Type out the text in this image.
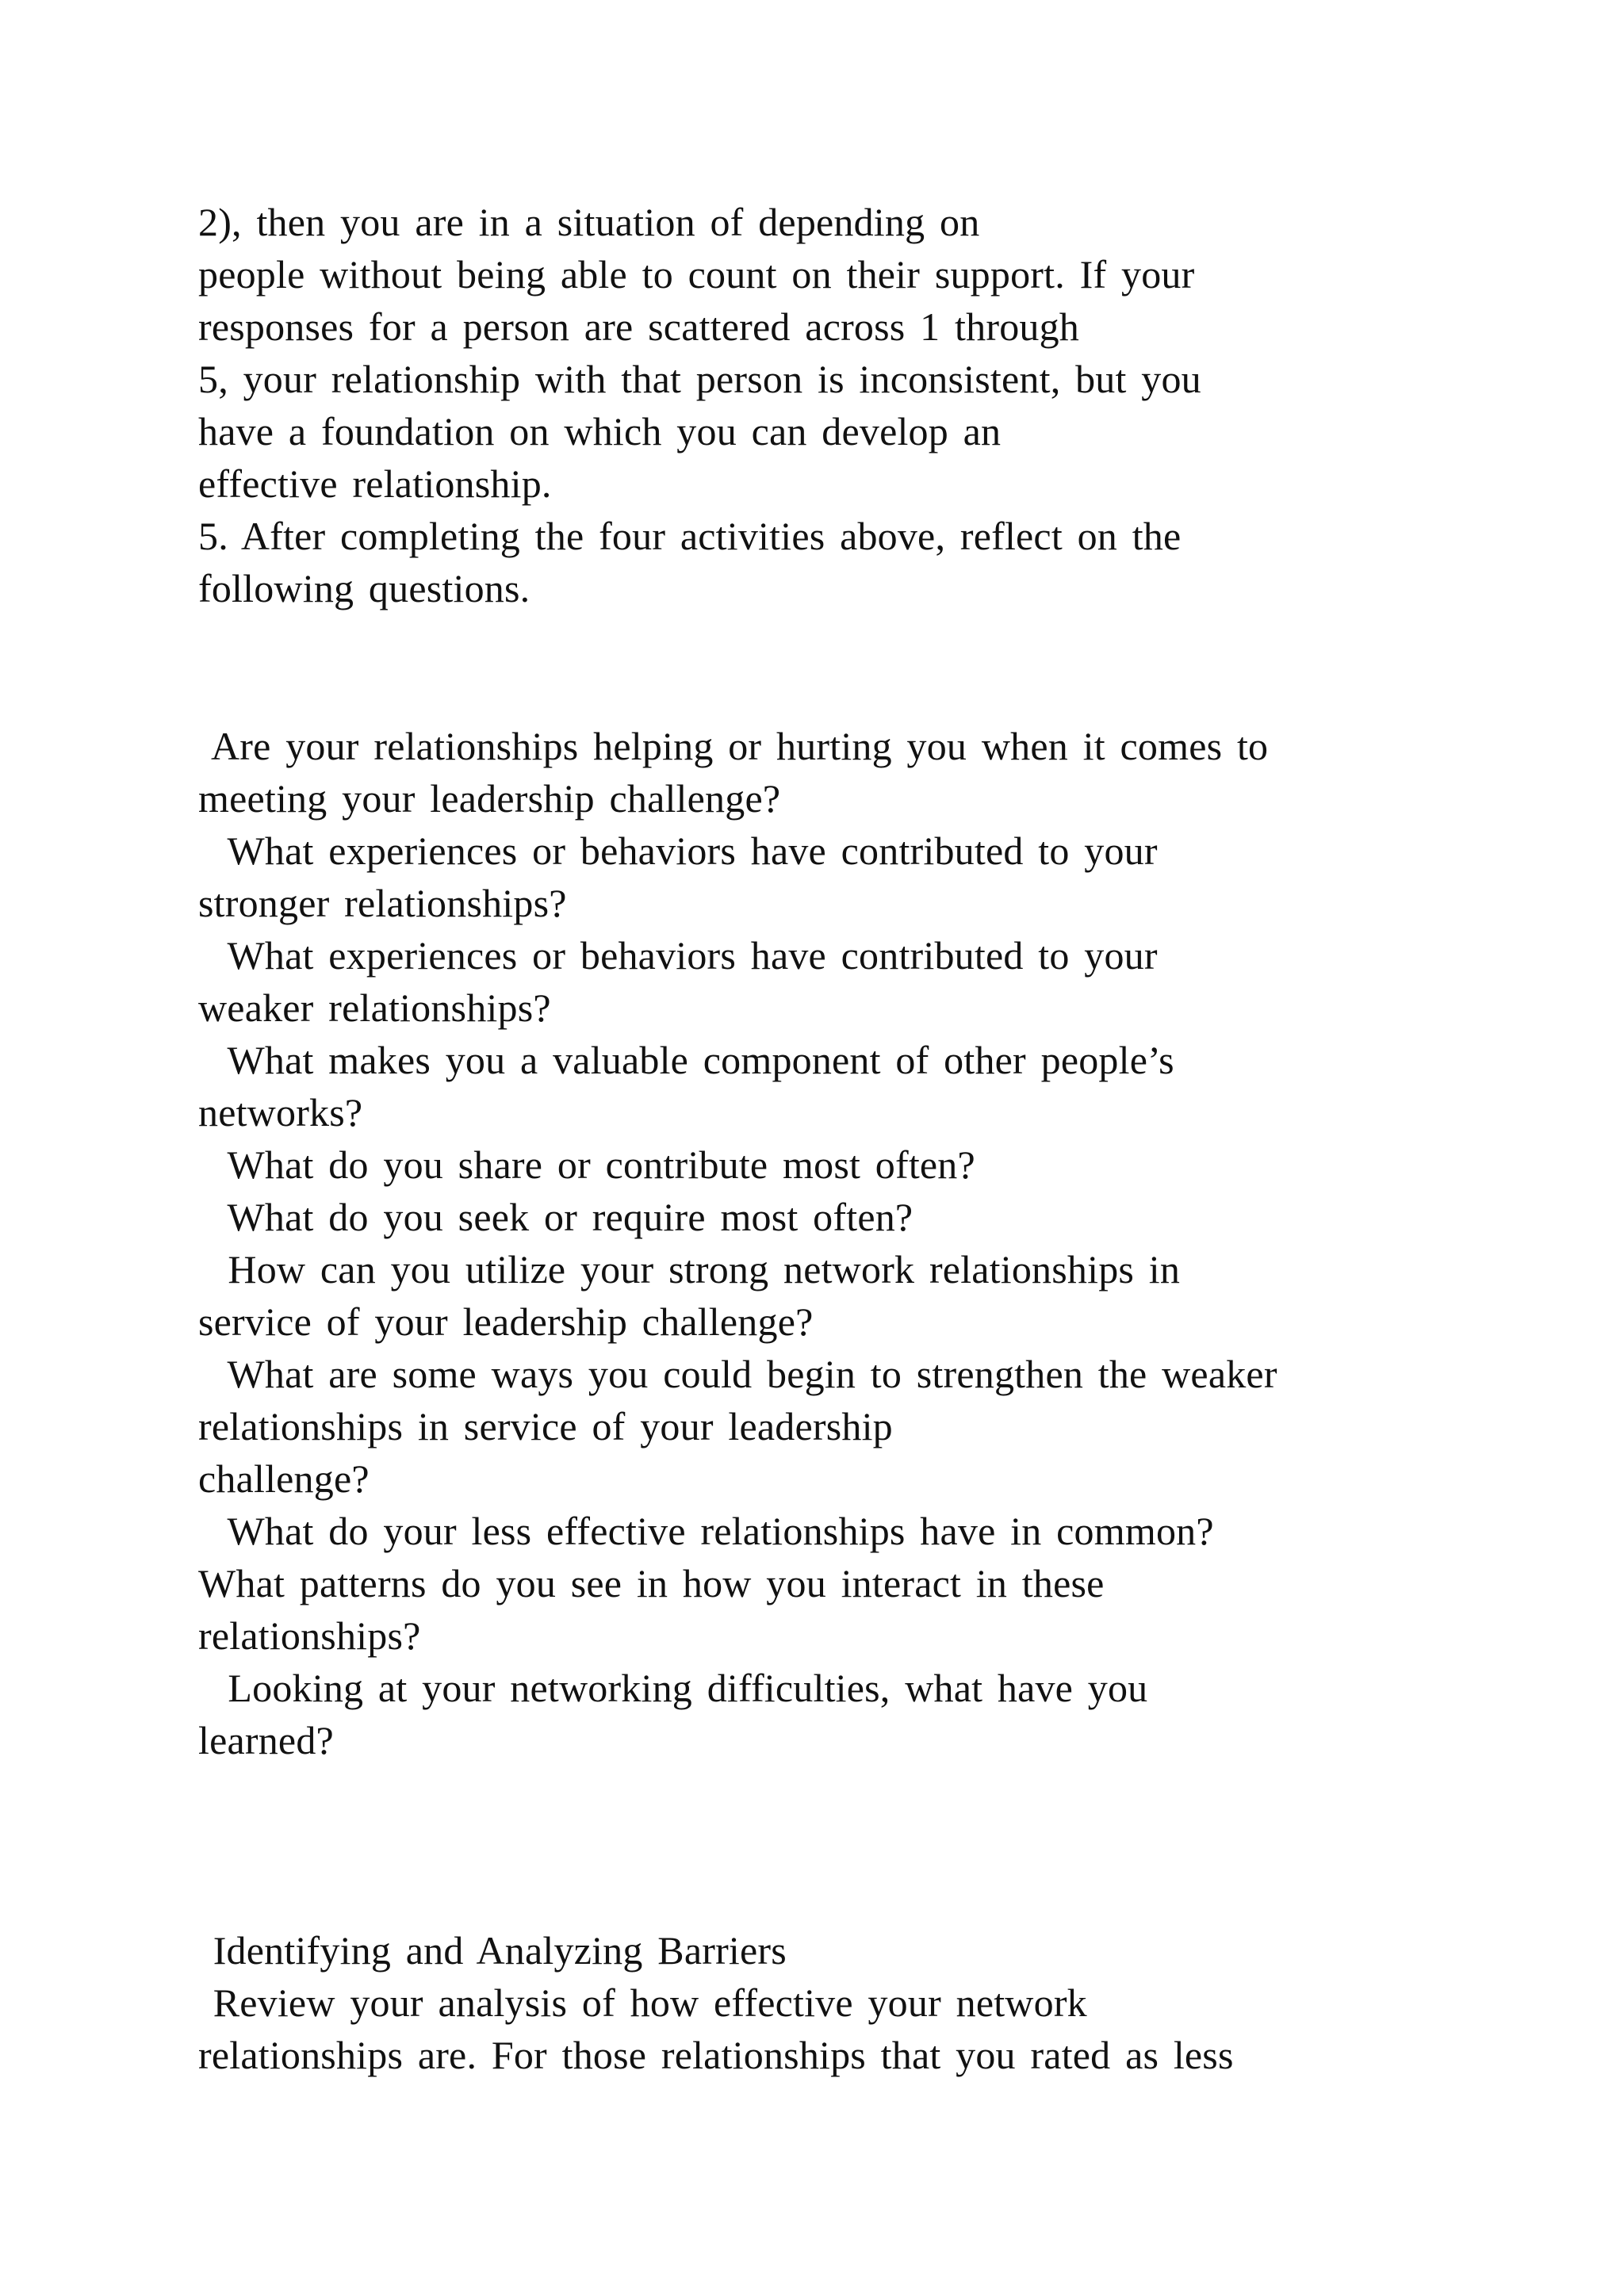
2), then you are in a situation of depending on
people without being able to count on their support. If your
responses for a person are scattered across 1 through
5, your relationship with that person is inconsistent, but you
have a foundation on which you can develop an
effective relationship.
5. After completing the four activities above, reflect on the
following questions.
Are your relationships helping or hurting you when it comes to
meeting your leadership challenge?
What experiences or behaviors have contributed to your
stronger relationships?
What experiences or behaviors have contributed to your
weaker relationships?
What makes you a valuable component of other people’s
networks?
What do you share or contribute most often?
What do you seek or require most often?
How can you utilize your strong network relationships in
service of your leadership challenge?
What are some ways you could begin to strengthen the weaker
relationships in service of your leadership
challenge?
What do your less effective relationships have in common?
What patterns do you see in how you interact in these
relationships?
Looking at your networking difficulties, what have you
learned?
Identifying and Analyzing Barriers
Review your analysis of how effective your network
relationships are. For those relationships that you rated as less
